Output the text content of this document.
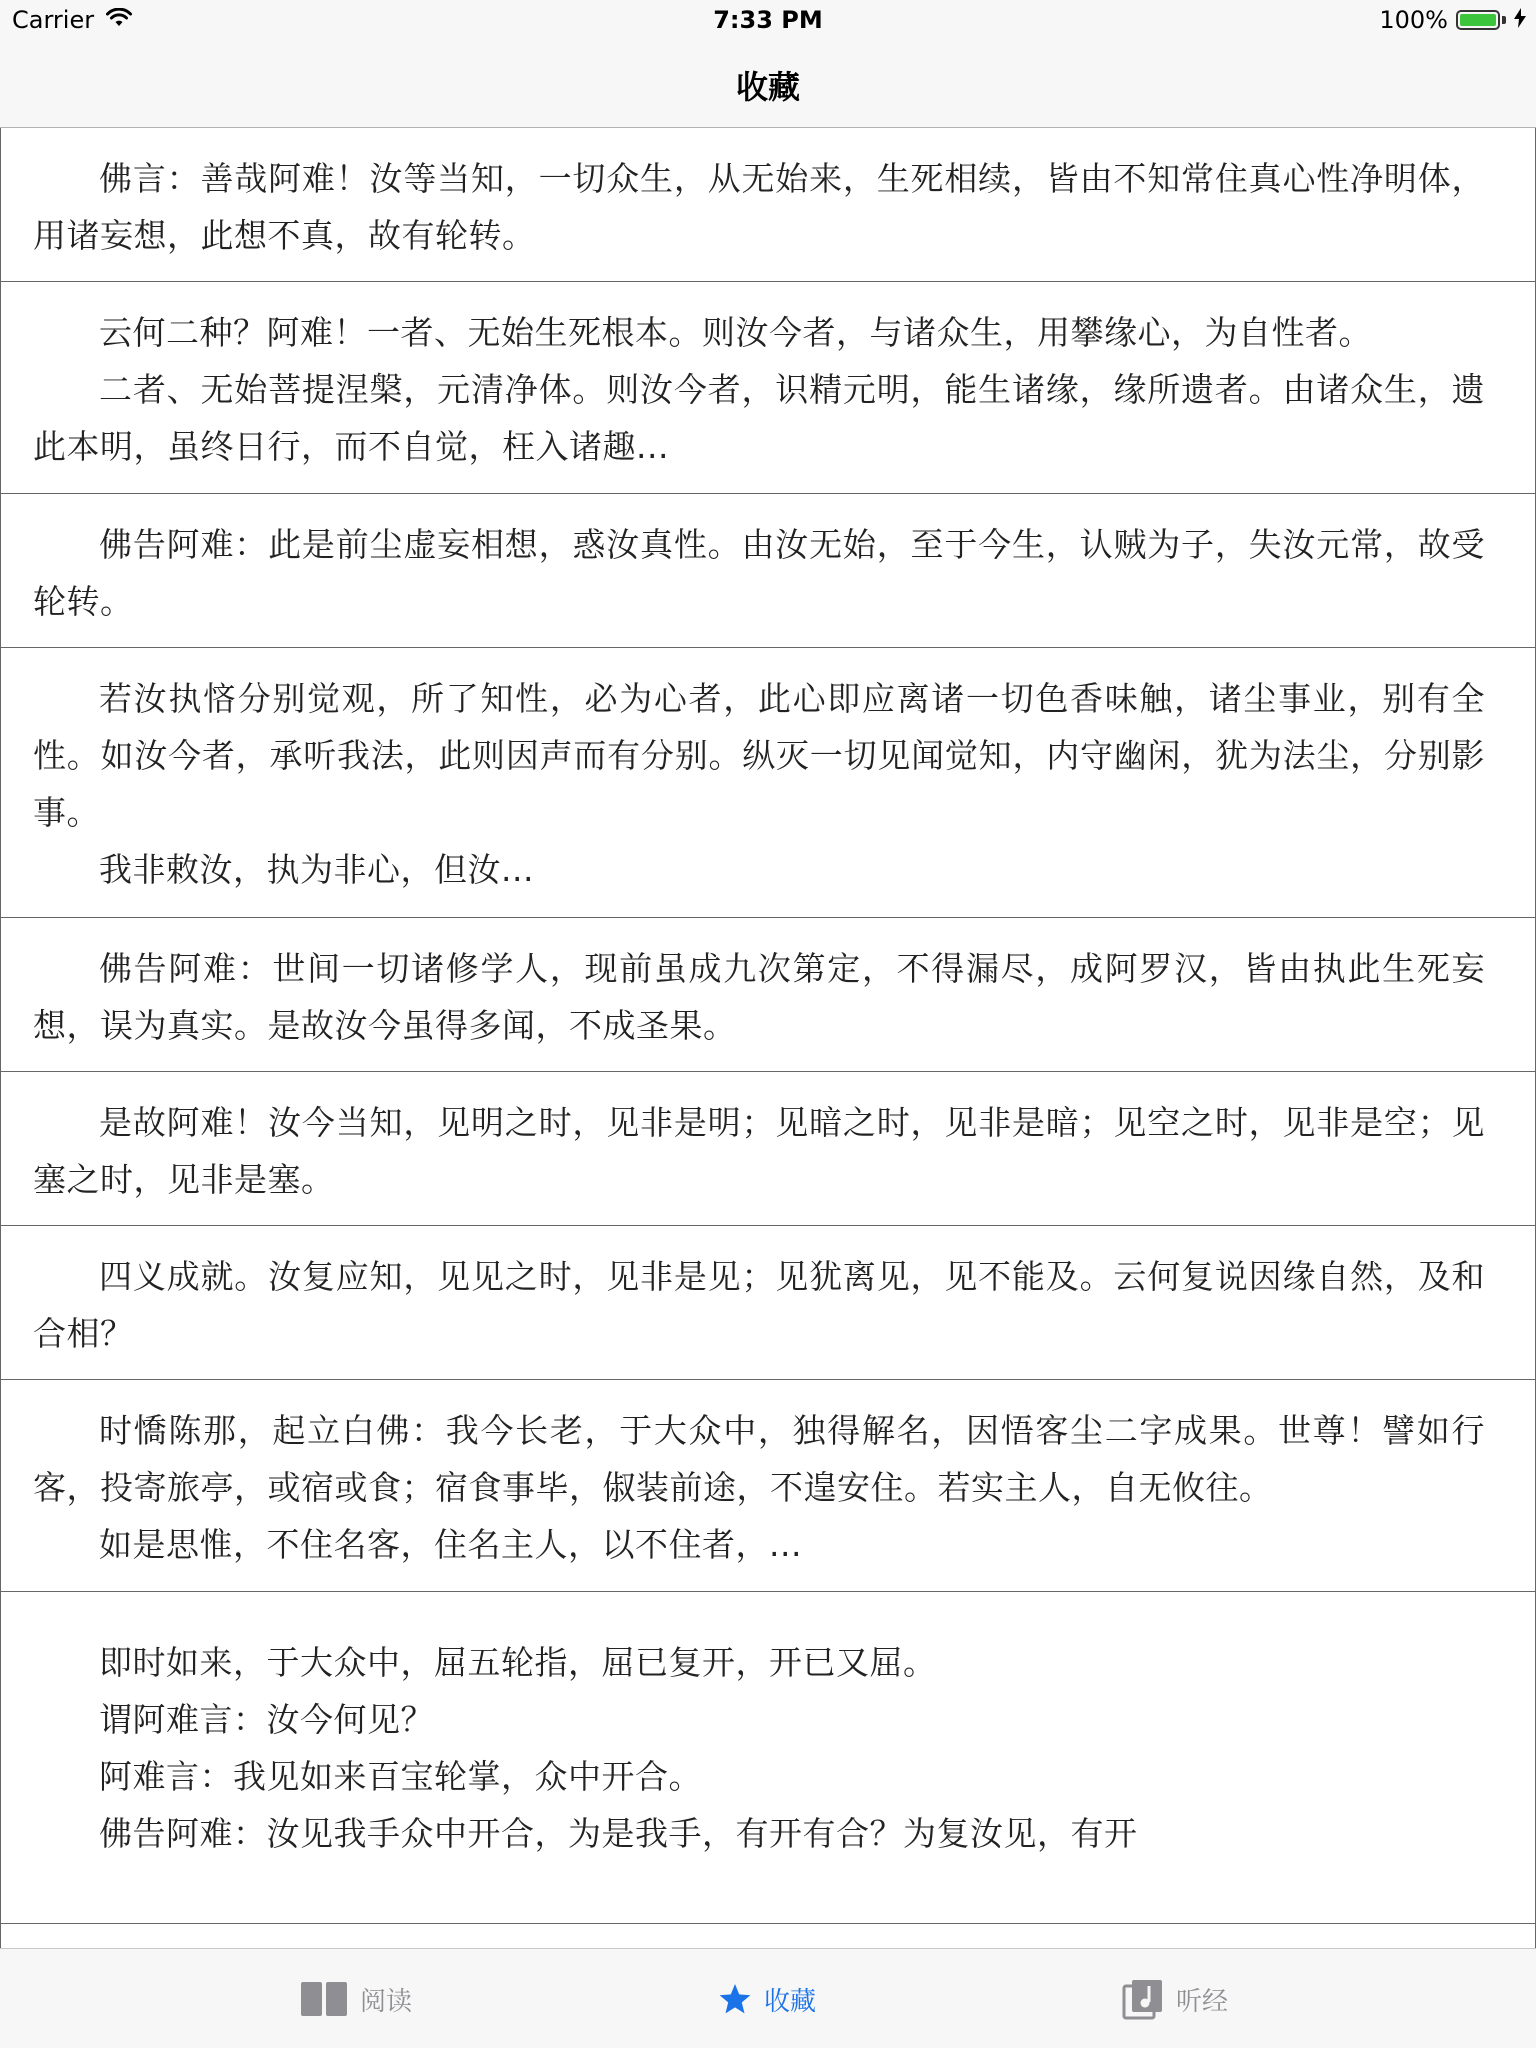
Carrier	7:33 PM	100%
收藏

佛言：善哉阿难！汝等当知，一切众生，从无始来，生死相续，皆由不知常住真心性净明体，用诸妄想，此想不真，故有轮转。

云何二种？阿难！一者、无始生死根本。则汝今者，与诸众生，用攀缘心，为自性者。

二者、无始菩提涅槃，元清净体。则汝今者，识精元明，能生诸缘，缘所遗者。由诸众生，遗此本明，虽终日行，而不自觉，枉入诸趣...

佛告阿难：此是前尘虚妄相想，惑汝真性。由汝无始，至于今生，认贼为子，失汝元常，故受轮转。

若汝执悋分别觉观，所了知性，必为心者，此心即应离诸一切色香味触，诸尘事业，别有全性。如汝今者，承听我法，此则因声而有分别。纵灭一切见闻觉知，内守幽闲，犹为法尘，分别影事。

我非敕汝，执为非心，但汝...

佛告阿难：世间一切诸修学人，现前虽成九次第定，不得漏尽，成阿罗汉，皆由执此生死妄想，误为真实。是故汝今虽得多闻，不成圣果。

是故阿难！汝今当知，见明之时，见非是明；见暗之时，见非是暗；见空之时，见非是空；见塞之时，见非是塞。

四义成就。汝复应知，见见之时，见非是见；见犹离见，见不能及。云何复说因缘自然，及和合相？

时憍陈那，起立白佛：我今长老，于大众中，独得解名，因悟客尘二字成果。世尊！譬如行客，投寄旅亭，或宿或食；宿食事毕，俶装前途，不遑安住。若实主人，自无攸往。

如是思惟，不住名客，住名主人，以不住者，...

即时如来，于大众中，屈五轮指，屈已复开，开已又屈。

谓阿难言：汝今何见？

阿难言：我见如来百宝轮掌，众中开合。

佛告阿难：汝见我手众中开合，为是我手，有开有合？为复汝见，有开

阅读	收藏	听经
